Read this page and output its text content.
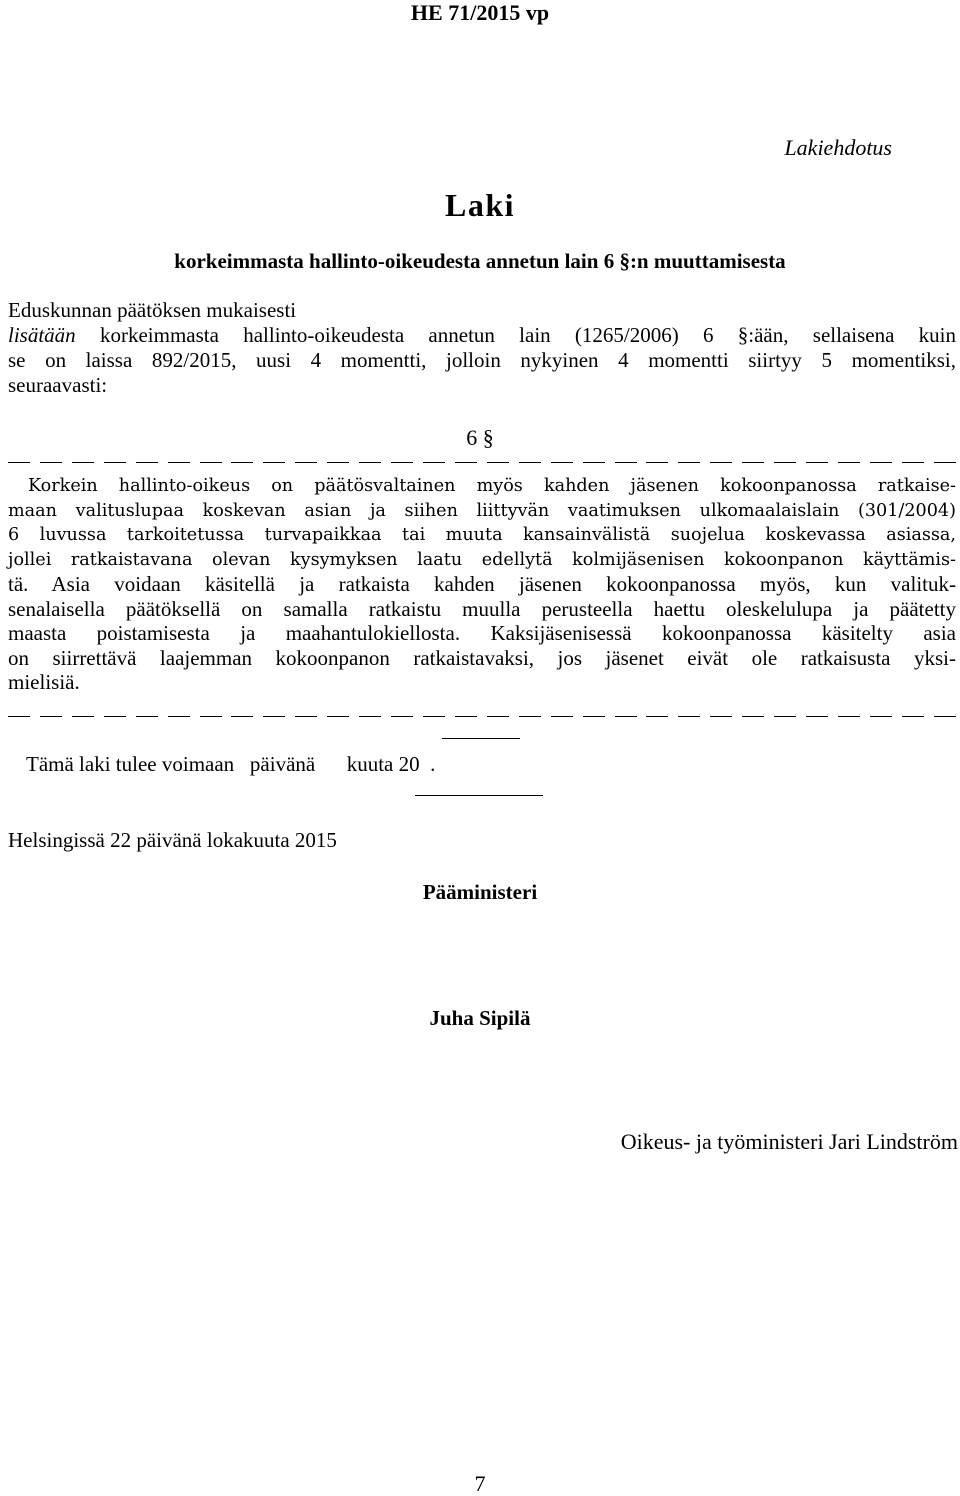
HE 71/2015 vp
Lakiehdotus
Laki
korkeimmasta hallinto-oikeudesta annetun lain 6 §:n muuttamisesta
Eduskunnan päätöksen mukaisesti
lisätään korkeimmasta hallinto-oikeudesta annetun lain (1265/2006) 6 §:ään, sellaisena kuin
se on laissa 892/2015, uusi 4 momentti, jolloin nykyinen 4 momentti siirtyy 5 momentiksi,
seuraavasti:
6 §
Korkein hallinto-oikeus on päätösvaltainen myös kahden jäsenen kokoonpanossa ratkaise-
maan valituslupaa koskevan asian ja siihen liittyvän vaatimuksen ulkomaalaislain (301/2004)
6 luvussa tarkoitetussa turvapaikkaa tai muuta kansainvälistä suojelua koskevassa asiassa,
jollei ratkaistavana olevan kysymyksen laatu edellytä kolmijäsenisen kokoonpanon käyttämis-
tä. Asia voidaan käsitellä ja ratkaista kahden jäsenen kokoonpanossa myös, kun valituk-
senalaisella päätöksellä on samalla ratkaistu muulla perusteella haettu oleskelulupa ja päätetty
maasta poistamisesta ja maahantulokiellosta. Kaksijäsenisessä kokoonpanossa käsitelty asia
on siirrettävä laajemman kokoonpanon ratkaistavaksi, jos jäsenet eivät ole ratkaisusta yksi-
mielisiä.
Tämä laki tulee voimaan   päivänä      kuuta 20  .
Helsingissä 22 päivänä lokakuuta 2015
Pääministeri
Juha Sipilä
Oikeus- ja työministeri Jari Lindström
7
